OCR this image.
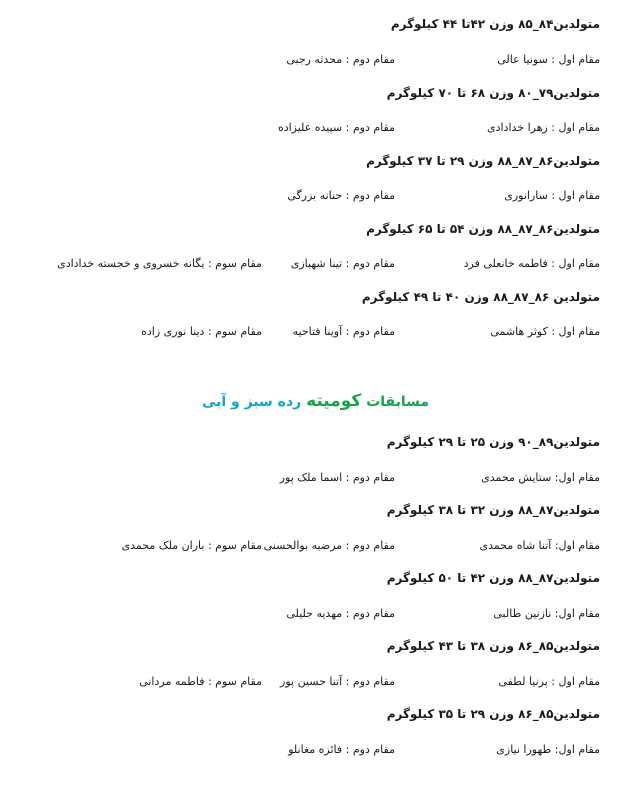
متولدین۸۴_۸۵ وزن ۴۲تا ۴۴ کیلوگرم
مقام اول : سونیا عالی
مقام دوم : محدثه رجبی
متولدین۷۹_۸۰ وزن ۶۸ تا ۷۰ کیلوگرم
مقام اول : زهرا خدادادی
مقام دوم : سپیده علیزاده
متولدین۸۶_۸۷_۸۸ وزن ۲۹ تا ۳۷ کیلوگرم
مقام اول : سارانوری
مقام دوم : حنانه بزرگی
متولدین۸۶_۸۷_۸۸ وزن ۵۴ تا ۶۵ کیلوگرم
مقام اول : فاطمه خانعلی فرد
مقام دوم : تینا شهبازی
مقام سوم : یگانه خسروی و خجسته خدادادی
متولدین ۸۶_۸۷_۸۸ وزن ۴۰ تا ۴۹ کیلوگرم
مقام اول : کوثر هاشمی
مقام دوم : آوینا فتاحیه
مقام سوم : دینا نوری زاده
مسابقات کومیته رده سبز و آبی
متولدین۸۹_۹۰ وزن ۲۵ تا ۲۹ کیلوگرم
مقام اول: ستایش محمدی
مقام دوم : اسما ملک پور
متولدین۸۷_۸۸ وزن ۳۲ تا ۳۸ کیلوگرم
مقام اول: آتنا شاه محمدی
مقام دوم : مرضیه بوالحسنی
مقام سوم : باران ملک محمدی
متولدین۸۷_۸۸ وزن ۴۲ تا ۵۰ کیلوگرم
مقام اول: نازنین طالبی
مقام دوم : مهدیه جلیلی
متولدین۸۵_۸۶ وزن ۳۸ تا ۴۳ کیلوگرم
مقام اول : پرنیا لطفی
مقام دوم : آتنا حسین پور
مقام سوم : فاطمه مردانی
متولدین۸۵_۸۶ وزن ۲۹ تا ۳۵ کیلوگرم
مقام اول: طهورا نیازی
مقام دوم : فائزه مغانلو
